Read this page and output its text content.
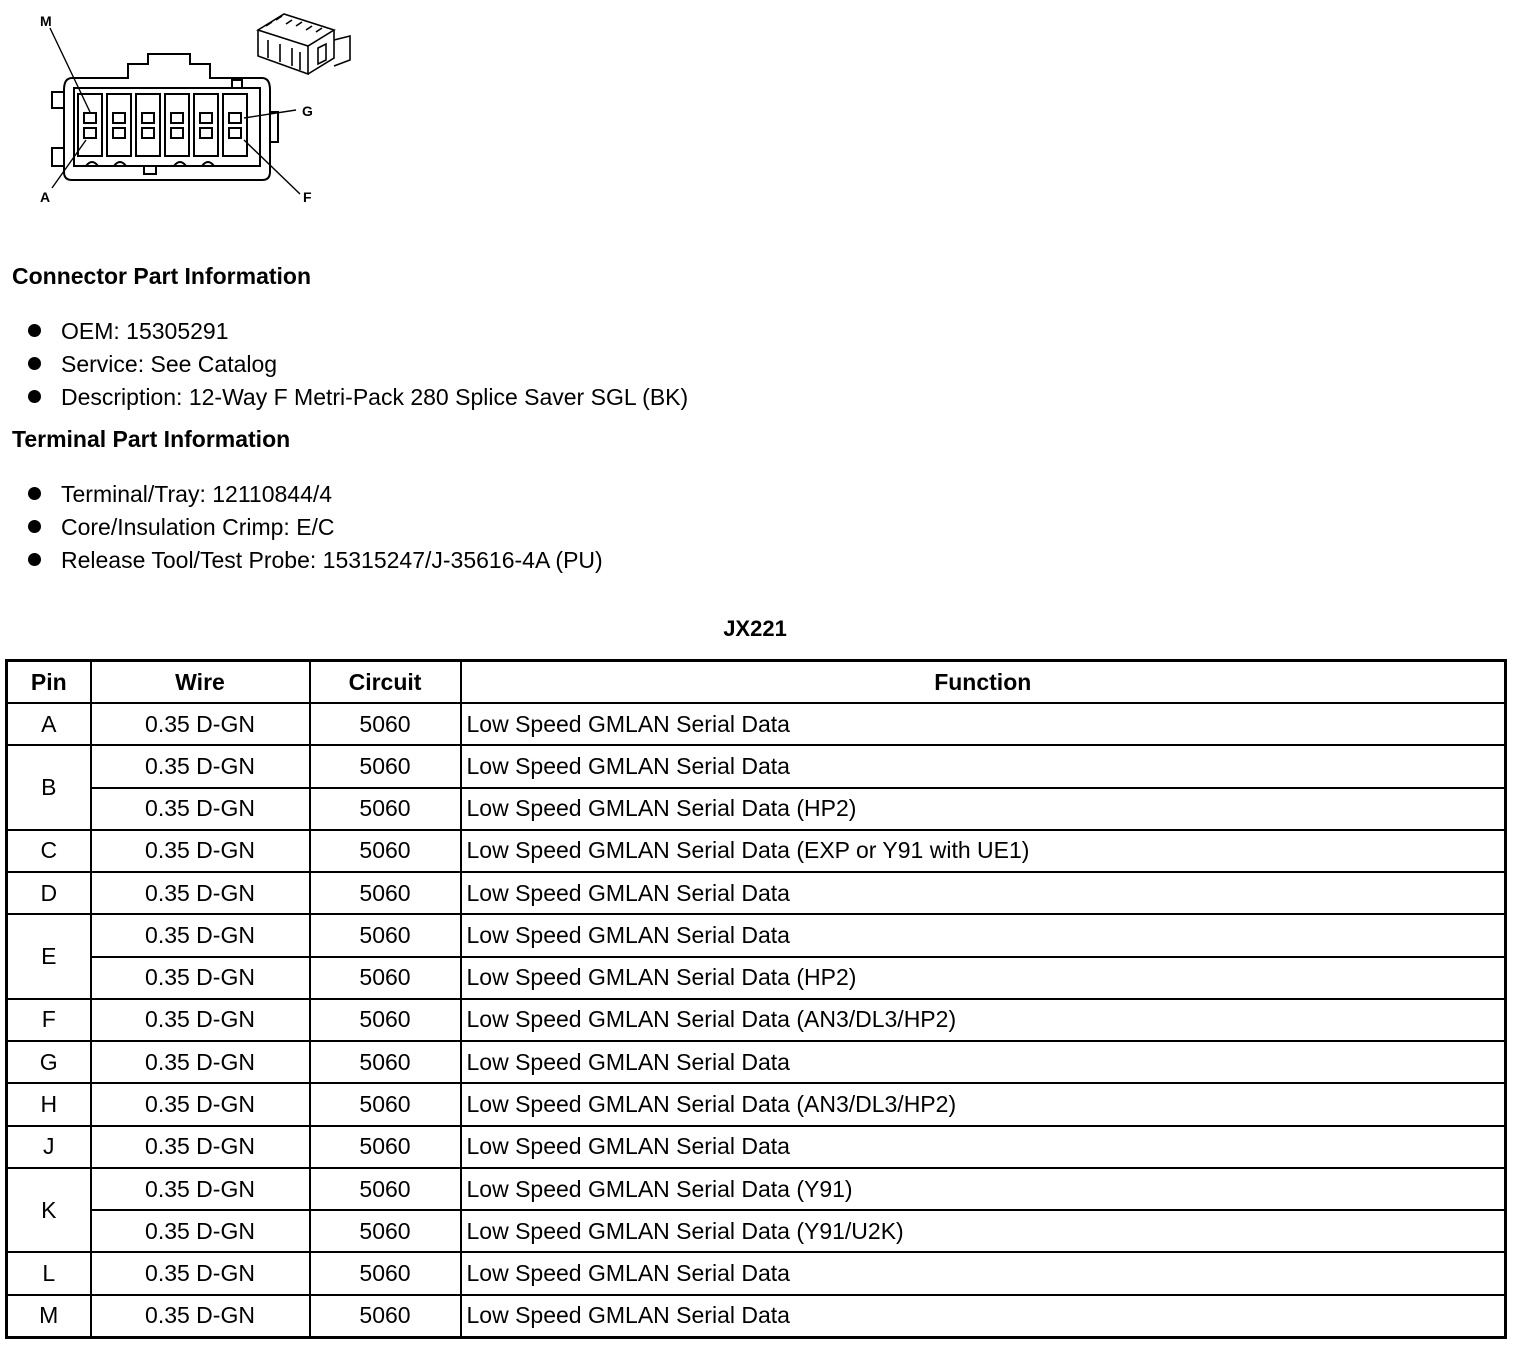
M
G
A	F
Connector Part Information
OEM: 15305291
Service: See Catalog
Description: 12-Way F Metri-Pack 280 Splice Saver SGL (BK)
Terminal Part Information
Terminal/Tray: 12110844/4
Core/Insulation Crimp: E/C
Release Tool/Test Probe: 15315247/J-35616-4A (PU)
JX221
Pin	Wire	Circuit	Function
A	0.35 D-GN	5060	Low Speed GMLAN Serial Data
B	0.35 D-GN	5060	Low Speed GMLAN Serial Data
	0.35 D-GN	5060	Low Speed GMLAN Serial Data (HP2)
C	0.35 D-GN	5060	Low Speed GMLAN Serial Data (EXP or Y91 with UE1)
D	0.35 D-GN	5060	Low Speed GMLAN Serial Data
E	0.35 D-GN	5060	Low Speed GMLAN Serial Data
	0.35 D-GN	5060	Low Speed GMLAN Serial Data (HP2)
F	0.35 D-GN	5060	Low Speed GMLAN Serial Data (AN3/DL3/HP2)
G	0.35 D-GN	5060	Low Speed GMLAN Serial Data
H	0.35 D-GN	5060	Low Speed GMLAN Serial Data (AN3/DL3/HP2)
J	0.35 D-GN	5060	Low Speed GMLAN Serial Data
K	0.35 D-GN	5060	Low Speed GMLAN Serial Data (Y91)
	0.35 D-GN	5060	Low Speed GMLAN Serial Data (Y91/U2K)
L	0.35 D-GN	5060	Low Speed GMLAN Serial Data
M	0.35 D-GN	5060	Low Speed GMLAN Serial Data
